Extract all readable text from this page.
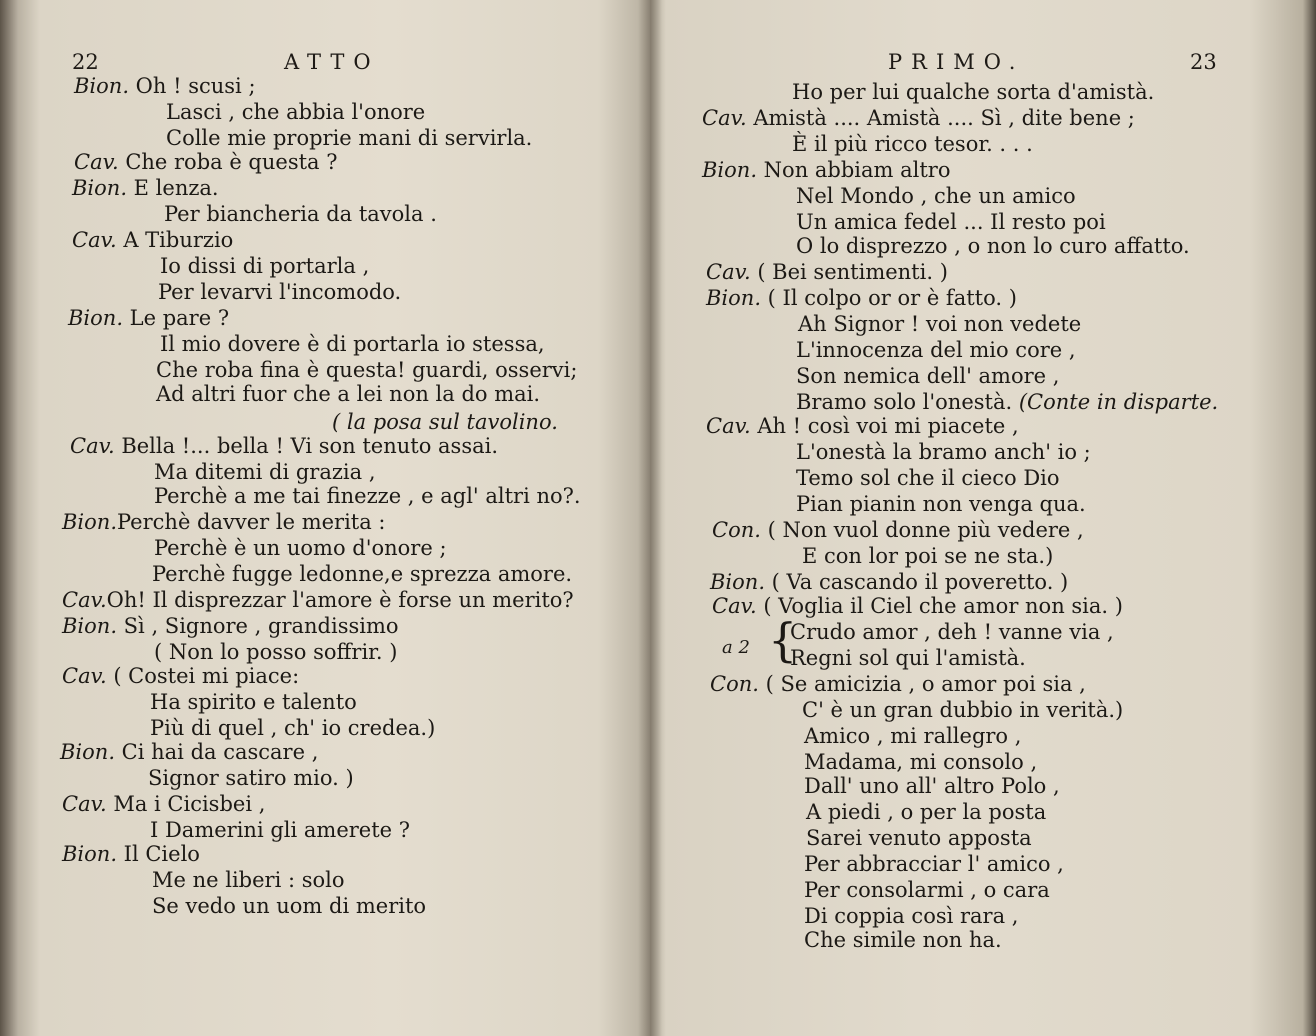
22	ATTO	PRIMO.	23
Bion. Oh ! scusi ;
Lasci , che abbia l'onore
Colle mie proprie mani di servirla.
Cav. Che roba è questa ?
Bion. E lenza.
Per biancheria da tavola .
Cav. A Tiburzio
Io dissi di portarla ,
Per levarvi l'incomodo.
Bion. Le pare ?
Il mio dovere è di portarla io stessa,
Che roba fina è questa! guardi, osservi;
Ad altri fuor che a lei non la do mai.
( la posa sul tavolino.
Cav. Bella !... bella ! Vi son tenuto assai.
Ma ditemi di grazia ,
Perchè a me tai finezze , e agl' altri no?.
Bion.Perchè davver le merita :
Perchè è un uomo d'onore ;
Perchè fugge ledonne,e sprezza amore.
Cav.Oh! Il disprezzar l'amore è forse un merito?
Bion. Sì , Signore , grandissimo
( Non lo posso soffrir. )
Cav. ( Costei mi piace:
Ha spirito e talento
Più di quel , ch' io credea.)
Bion. Ci hai da cascare ,
Signor satiro mio. )
Cav. Ma i Cicisbei ,
I Damerini gli amerete ?
Bion. Il Cielo
Me ne liberi : solo
Se vedo un uom di merito
Ho per lui qualche sorta d'amistà.
Cav. Amistà .... Amistà .... Sì , dite bene ;
È il più ricco tesor. . . .
Bion. Non abbiam altro
Nel Mondo , che un amico
Un amica fedel ... Il resto poi
O lo disprezzo , o non lo curo affatto.
Cav. ( Bei sentimenti. )
Bion. ( Il colpo or or è fatto. )
Ah Signor ! voi non vedete
L'innocenza del mio core ,
Son nemica dell' amore ,
Bramo solo l'onestà. (Conte in disparte.
Cav. Ah ! così voi mi piacete ,
L'onestà la bramo anch' io ;
Temo sol che il cieco Dio
Pian pianin non venga qua.
Con. ( Non vuol donne più vedere ,
E con lor poi se ne sta.)
Bion. ( Va cascando il poveretto. )
Cav. ( Voglia il Ciel che amor non sia. )
Crudo amor , deh ! vanne via ,
Regni sol qui l'amistà.
Con. ( Se amicizia , o amor poi sia ,
C' è un gran dubbio in verità.)
Amico , mi rallegro ,
Madama, mi consolo ,
Dall' uno all' altro Polo ,
A piedi , o per la posta
Sarei venuto apposta
Per abbracciar l' amico ,
Per consolarmi , o cara
Di coppia così rara ,
Che simile non ha.
{
a 2
